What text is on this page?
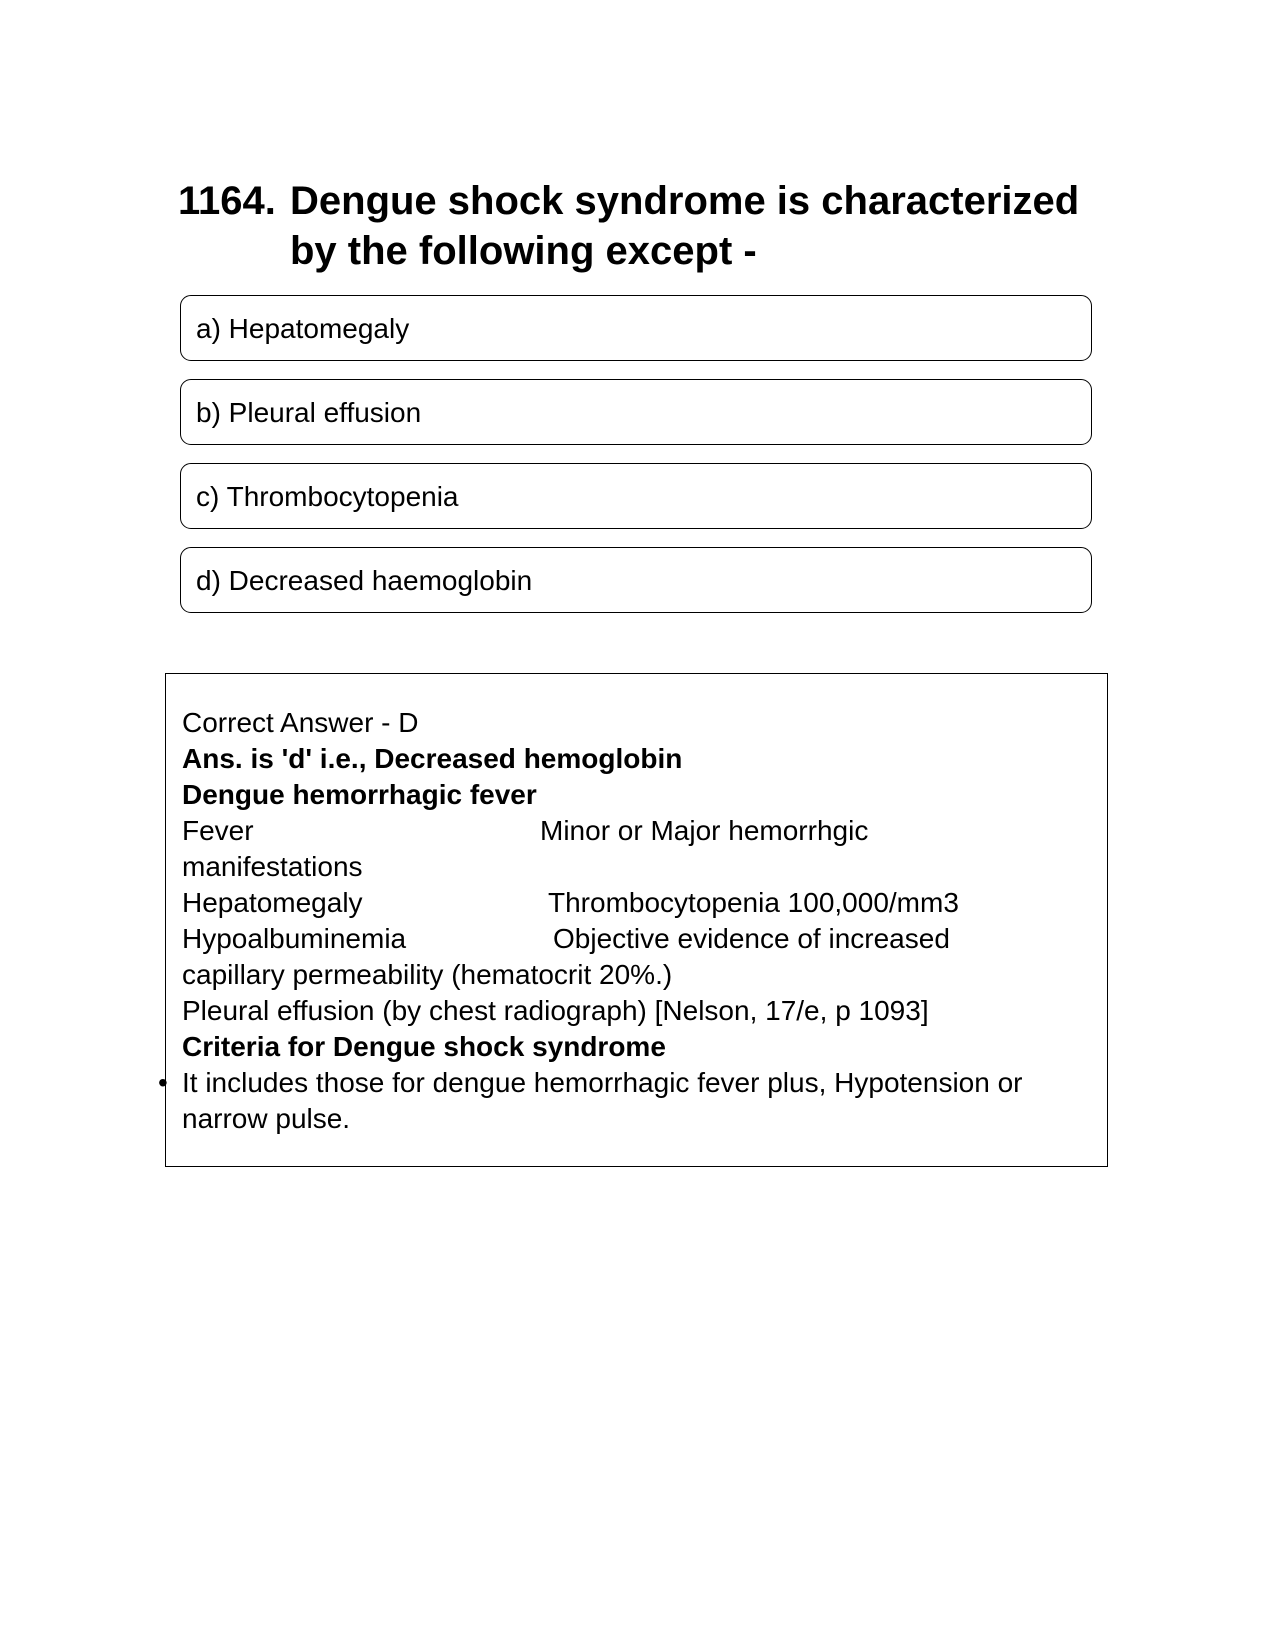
1164. Dengue shock syndrome is characterized by the following except -
a) Hepatomegaly
b) Pleural effusion
c) Thrombocytopenia
d) Decreased haemoglobin
Correct Answer - D
Ans. is 'd' i.e., Decreased hemoglobin
Dengue hemorrhagic fever
Fever	Minor or Major hemorrhgic
manifestations
Hepatomegaly	Thrombocytopenia 100,000/mm3
Hypoalbuminemia	Objective evidence of increased
capillary permeability (hematocrit 20%.)
Pleural effusion (by chest radiograph) [Nelson, 17/e, p 1093]
Criteria for Dengue shock syndrome
• It includes those for dengue hemorrhagic fever plus, Hypotension or narrow pulse.
